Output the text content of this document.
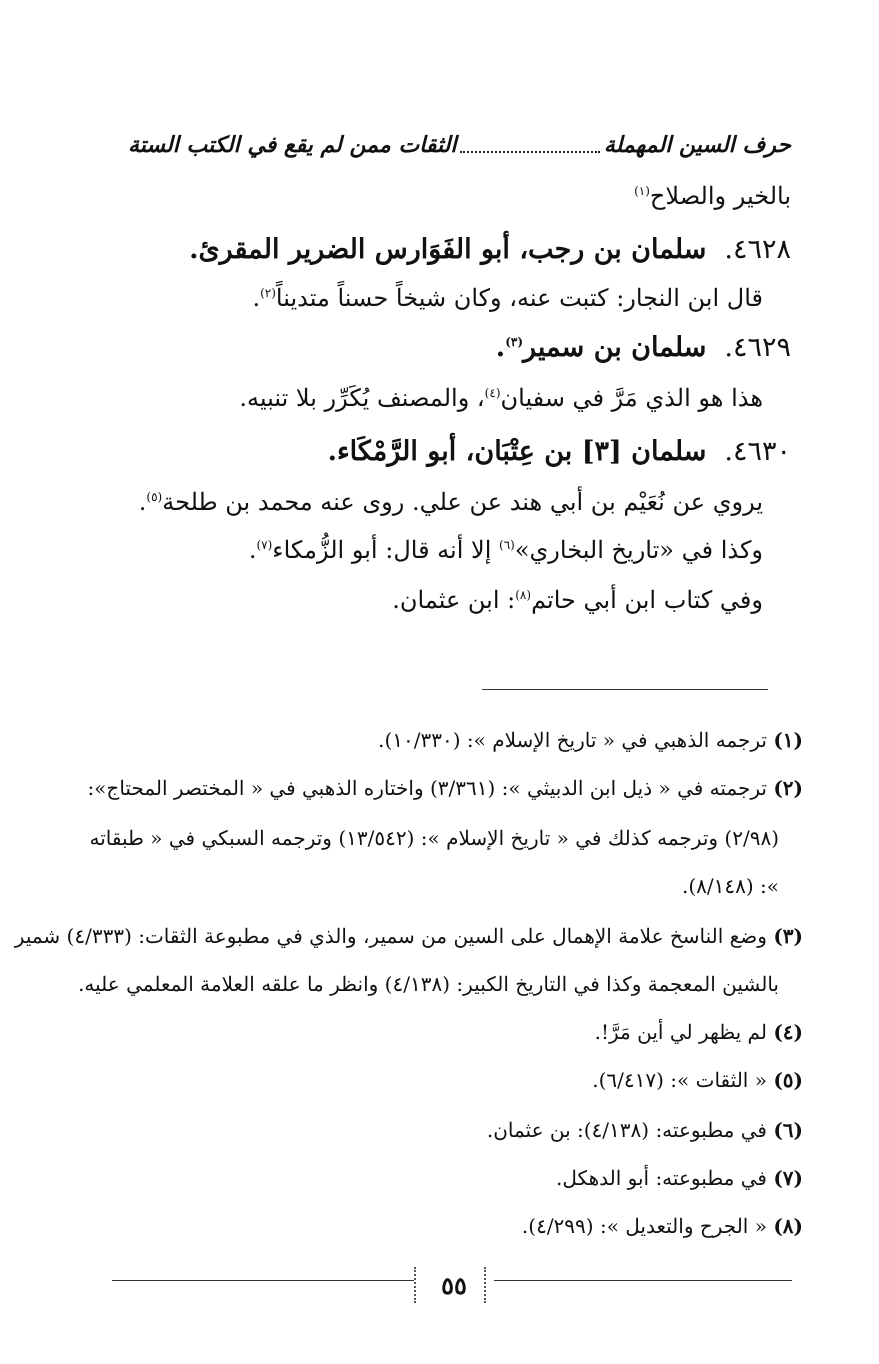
حرف السين المهملة
الثقات ممن لم يقع في الكتب الستة
بالخير والصلاح$^{(١)}$
٤٦٢٨.سلمان بن رجب، أبو الفَوَارس الضرير المقرئ.
قال ابن النجار: كتبت عنه، وكان شيخاً حسناً متديناً$^{(٢)}$.
٤٦٢٩.سلمان بن سمير$^{(٣)}$.
هذا هو الذي مَرَّ في سفيان$^{(٤)}$، والمصنف يُكَرِّر بلا تنبيه.
٤٦٣٠.سلمان [٣] بن عِتْبَان، أبو الرَّمْكَاء.
يروي عن نُعَيْم بن أبي هند عن علي. روى عنه محمد بن طلحة$^{(٥)}$.
وكذا في «تاريخ البخاري»$^{(٦)}$ إلا أنه قال: أبو الزُّمكاء$^{(٧)}$.
وفي كتاب ابن أبي حاتم$^{(٨)}$: ابن عثمان.
(١) ترجمه الذهبي في « تاريخ الإسلام »: (١٠/٣٣٠).
(٢) ترجمته في « ذيل ابن الدبيثي »: (٣/٣٦١) واختاره الذهبي في « المختصر المحتاج»:
(٢/٩٨) وترجمه كذلك في « تاريخ الإسلام »: (١٣/٥٤٢) وترجمه السبكي في « طبقاته
»: (٨/١٤٨).
(٣) وضع الناسخ علامة الإهمال على السين من سمير، والذي في مطبوعة الثقات: (٤/٣٣٣) شمير
بالشين المعجمة وكذا في التاريخ الكبير: (٤/١٣٨) وانظر ما علقه العلامة المعلمي عليه.
(٤) لم يظهر لي أين مَرَّ!.
(٥) « الثقات »: (٦/٤١٧).
(٦) في مطبوعته: (٤/١٣٨): بن عثمان.
(٧) في مطبوعته: أبو الدهكل.
(٨) « الجرح والتعديل »: (٤/٢٩٩).
٥٥
